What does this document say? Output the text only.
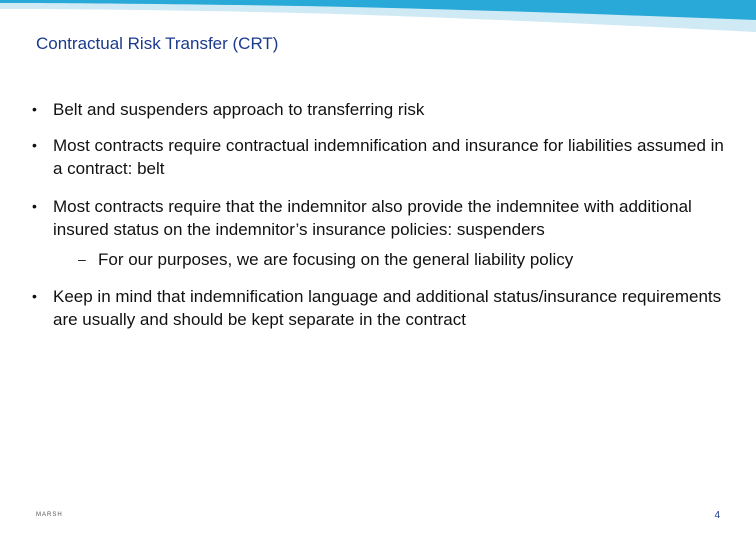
Contractual Risk Transfer (CRT)
• Belt and suspenders approach to transferring risk
• Most contracts require contractual indemnification and insurance for liabilities assumed in a contract: belt
• Most contracts require that the indemnitor also provide the indemnitee with additional insured status on the indemnitor’s insurance policies: suspenders
– For our purposes, we are focusing on the general liability policy
• Keep in mind that indemnification language and additional status/insurance requirements are usually and should be kept separate in the contract
MARSH	4
